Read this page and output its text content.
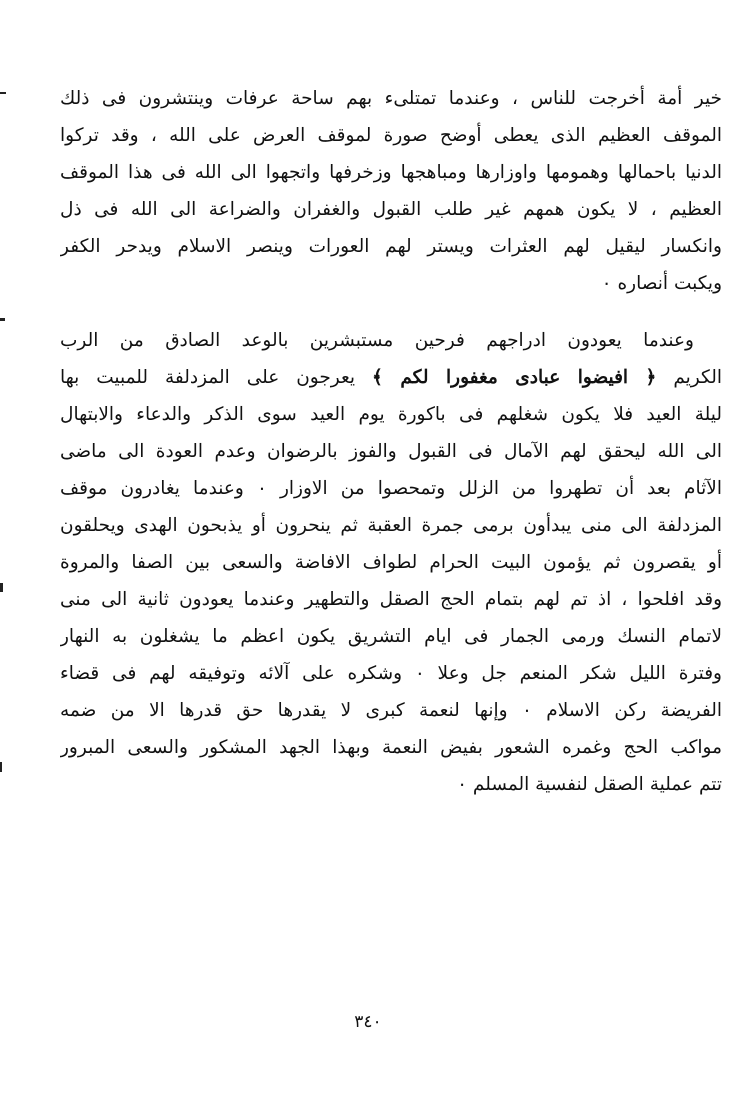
خير أمة أخرجت للناس ، وعندما تمتلىء بهم ساحة عرفات وينتشرون فى ذلك
الموقف العظيم الذى يعطى أوضح صورة لموقف العرض على الله ، وقد تركوا
الدنيا باحمالها وهمومها واوزارها ومباهجها وزخرفها واتجهوا الى الله فى هذا الموقف
العظيم ، لا يكون همهم غير طلب القبول والغفران والضراعة الى الله فى ذل
وانكسار ليقيل لهم العثرات ويستر لهم العورات وينصر الاسلام ويدحر الكفر
ويكبت أنصاره ٠
وعندما يعودون ادراجهم فرحين مستبشرين بالوعد الصادق من الرب
الكريم ﴿ افيضوا عبادى مغفورا لكم ﴾ يعرجون على المزدلفة للمبيت بها
ليلة العيد فلا يكون شغلهم فى باكورة يوم العيد سوى الذكر والدعاء والابتهال
الى الله ليحقق لهم الآمال فى القبول والفوز بالرضوان وعدم العودة الى ماضى
الآثام بعد أن تطهروا من الزلل وتمحصوا من الاوزار ٠ وعندما يغادرون موقف
المزدلفة الى منى يبدأون برمى جمرة العقبة ثم ينحرون أو يذبحون الهدى ويحلقون
أو يقصرون ثم يؤمون البيت الحرام لطواف الافاضة والسعى بين الصفا والمروة
وقد افلحوا ، اذ تم لهم بتمام الحج الصقل والتطهير وعندما يعودون ثانية الى منى
لاتمام النسك ورمى الجمار فى ايام التشريق يكون اعظم ما يشغلون به النهار
وفترة الليل شكر المنعم جل وعلا ٠ وشكره على آلائه وتوفيقه لهم فى قضاء
الفريضة ركن الاسلام ٠ وإنها لنعمة كبرى لا يقدرها حق قدرها الا من ضمه
مواكب الحج وغمره الشعور بفيض النعمة وبهذا الجهد المشكور والسعى المبرور
تتم عملية الصقل لنفسية المسلم ٠
٣٤٠
